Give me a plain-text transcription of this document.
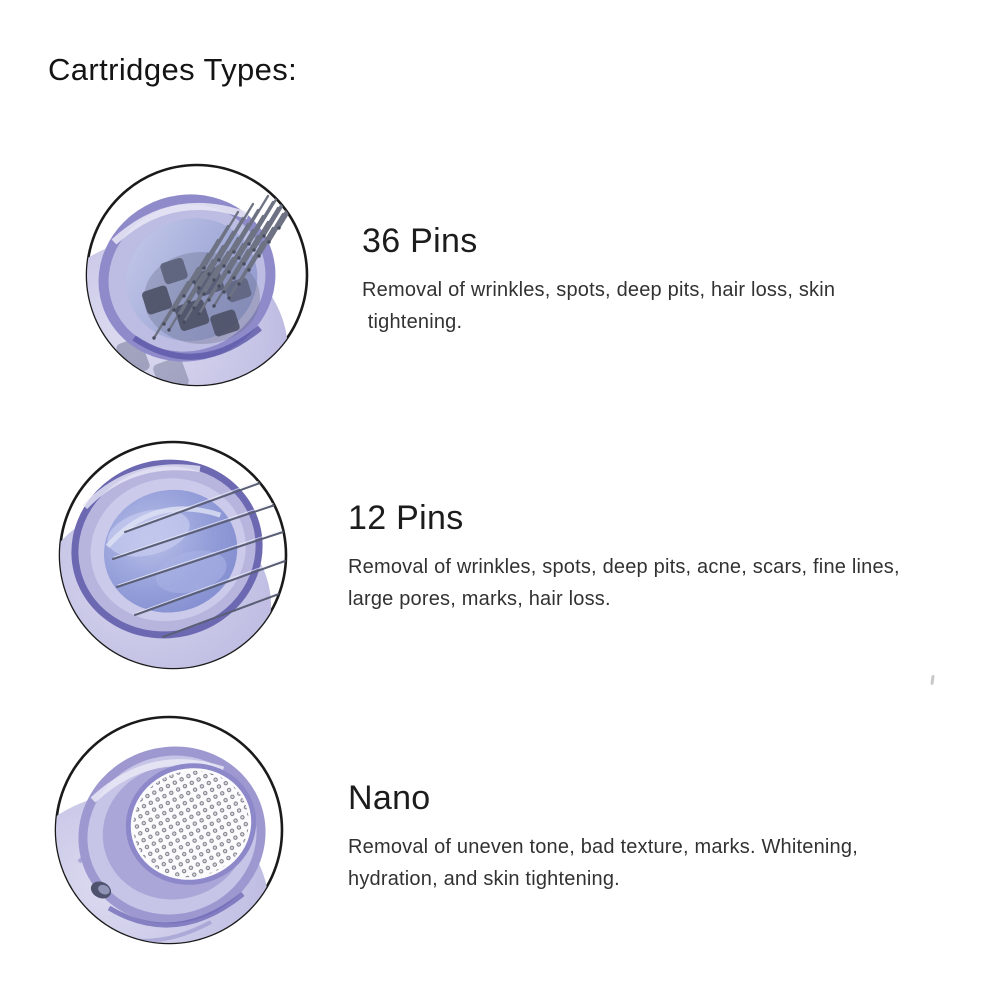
Cartridges Types:
36 Pins
Removal of wrinkles, spots, deep pits, hair loss, skin
tightening.
12 Pins
Removal of wrinkles, spots, deep pits, acne, scars, fine lines,
large pores, marks, hair loss.
Nano
Removal of uneven tone, bad texture, marks. Whitening,
hydration, and skin tightening.
